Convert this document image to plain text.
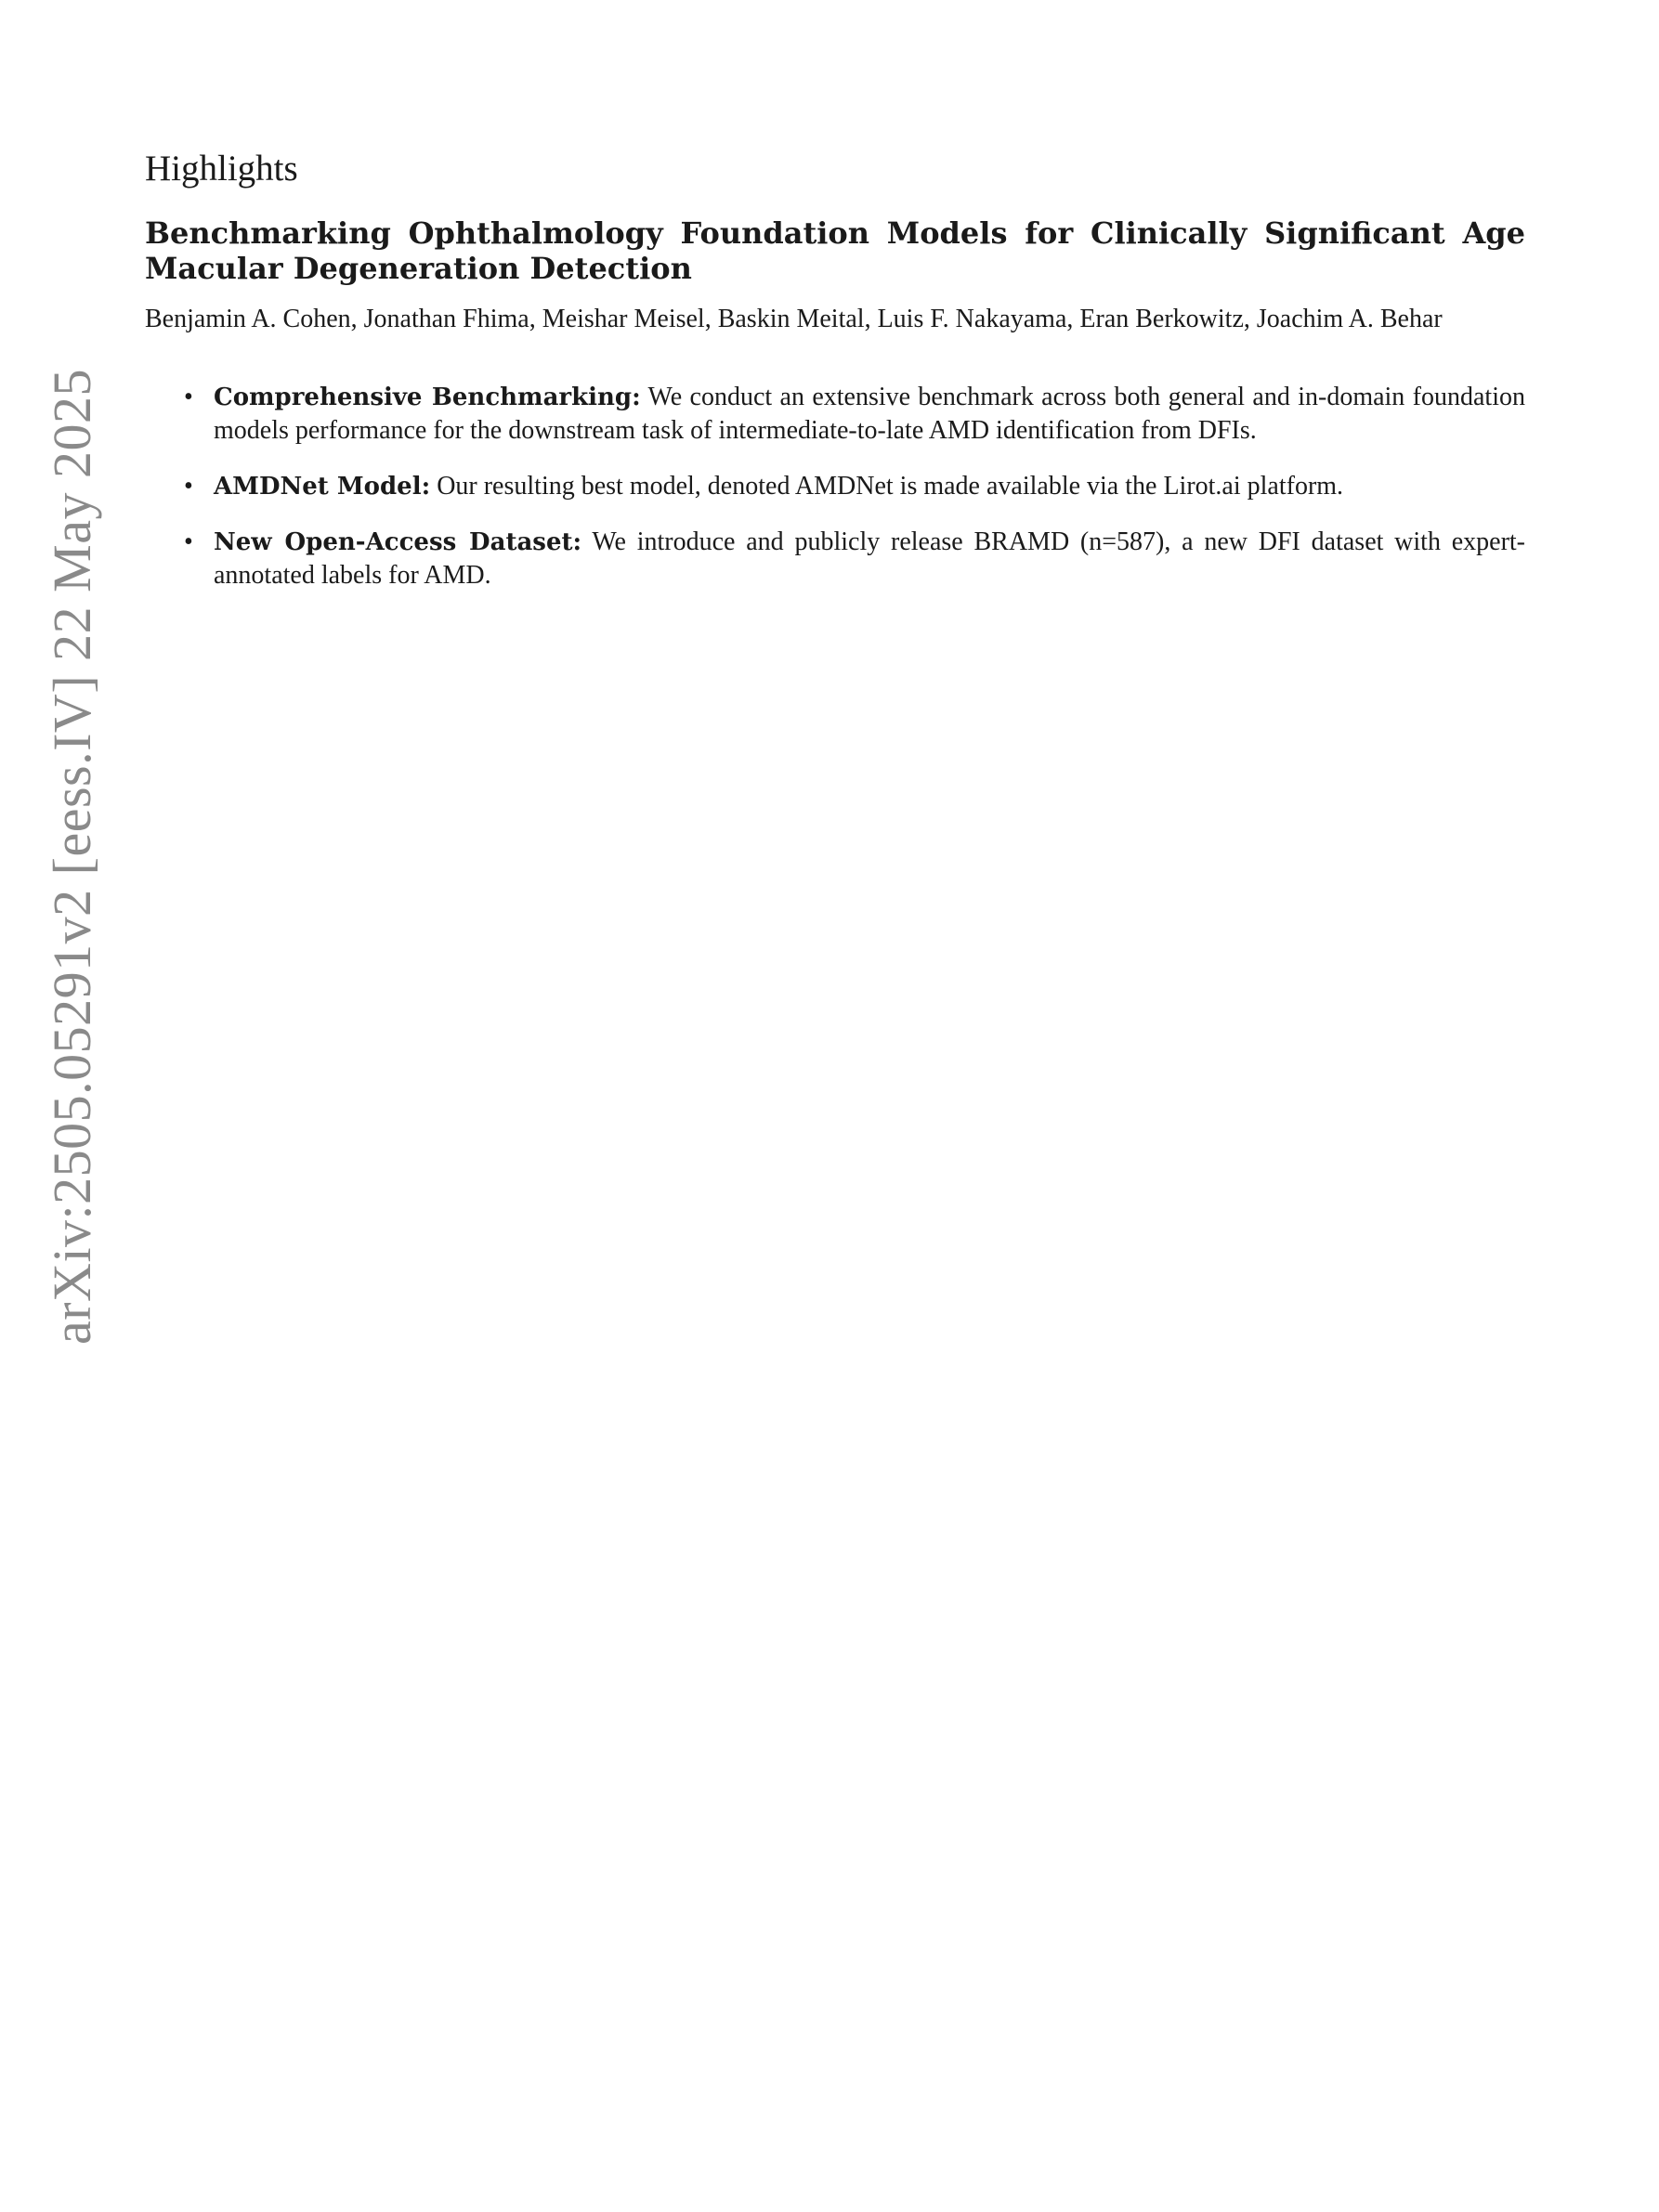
arXiv:2505.05291v2 [eess.IV] 22 May 2025
Highlights
Benchmarking Ophthalmology Foundation Models for Clinically Significant Age Macular Degeneration Detection

Benjamin A. Cohen, Jonathan Fhima, Meishar Meisel, Baskin Meital, Luis F. Nakayama, Eran Berkowitz, Joachim A. Behar

• Comprehensive Benchmarking: We conduct an extensive benchmark across both general and in-domain foundation models performance for the downstream task of intermediate-to-late AMD identification from DFIs.
• AMDNet Model: Our resulting best model, denoted AMDNet is made available via the Lirot.ai platform.
• New Open-Access Dataset: We introduce and publicly release BRAMD (n=587), a new DFI dataset with expert-annotated labels for AMD.
